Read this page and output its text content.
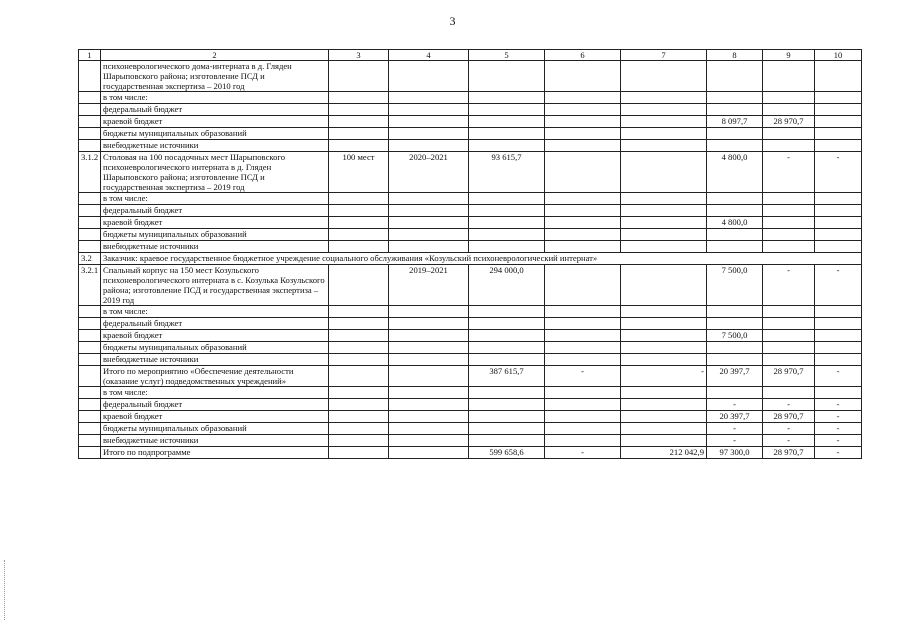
3
1	2	3	4	5	6	7	8	9	10
	психоневрологического дома-интерната в д. Гляден Шарыповского района; изготовление ПСД и государственная экспертиза – 2010 год								
	в том числе:								
	федеральный бюджет								
	краевой бюджет						8 097,7	28 970,7	
	бюджеты муниципальных образований								
	внебюджетные источники								
3.1.2	Столовая на 100 посадочных мест Шарыповского психоневрологического интерната в д. Гляден Шарыповского района; изготовление ПСД и государственная экспертиза – 2019 год	100 мест	2020–2021	93 615,7			4 800,0	-	-
	в том числе:								
	федеральный бюджет								
	краевой бюджет						4 800,0		
	бюджеты муниципальных образований								
	внебюджетные источники								
3.2	Заказчик: краевое государственное бюджетное учреждение социального обслуживания «Козульский психоневрологический интернат»								
3.2.1	Спальный корпус на 150 мест Козульского психоневрологического интерната в с. Козулька Козульского района; изготовление ПСД и государственная экспертиза – 2019 год		2019–2021	294 000,0			7 500,0	-	-
	в том числе:								
	федеральный бюджет								
	краевой бюджет						7 500,0		
	бюджеты муниципальных образований								
	внебюджетные источники								
	Итого по мероприятию «Обеспечение деятельности (оказание услуг) подведомственных учреждений»			387 615,7	-	-	20 397,7	28 970,7	-
	в том числе:								
	федеральный бюджет						-	-	-
	краевой бюджет						20 397,7	28 970,7	-
	бюджеты муниципальных образований						-	-	-
	внебюджетные источники						-	-	-
	Итого по подпрограмме			599 658,6	-	212 042,9	97 300,0	28 970,7	-
